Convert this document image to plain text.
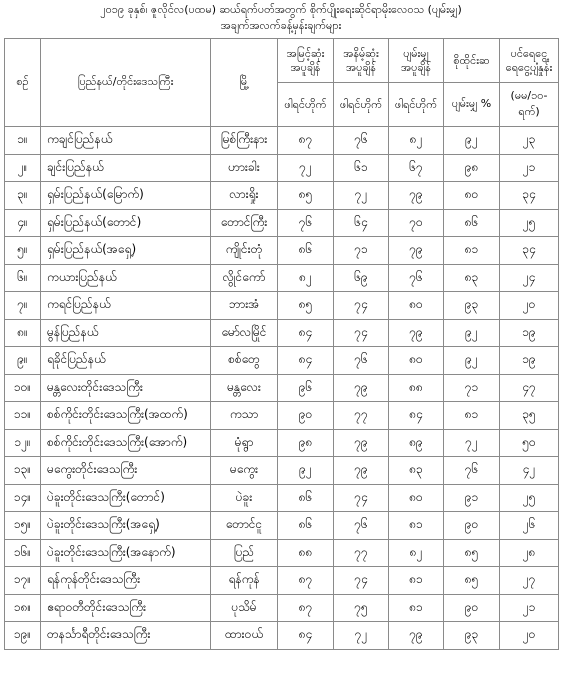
၂၀၁၉ ခုနှစ်၊ ဇူလိုင်လ(ပထမ) ဆယ်ရက်ပတ်အတွက် စိုက်ပျိုးရေးဆိုင်ရာမိုးလေဝသ (ပျမ်းမျှ)
အချက်အလက်ခန့်မှန်းချက်များ
စဉ်	ပြည်နယ်/တိုင်းဒေသကြီး	မြို့	အမြင့်ဆုံးအပူချိန်	အနိမ့်ဆုံးအပူချိန်	ပျမ်းမျှအပူချိန်	စိုထိုင်းဆ	ပင်ရေငွေ့ရေငွေ့ပျံနှုန်း
			ဖါရင်ဟိုက်	ဖါရင်ဟိုက်	ဖါရင်ဟိုက်	ပျမ်းမျှ %	(မမ/၁၀-ရက်)
၁။	ကချင်ပြည်နယ်	မြစ်ကြီးနား	၈၇	၇၆	၈၂	၉၂	၂၃
၂။	ချင်းပြည်နယ်	ဟားခါး	၇၂	၆၁	၆၇	၉၈	၂၁
၃။	ရှမ်းပြည်နယ်(မြောက်)	လားရှိုး	၈၅	၇၂	၇၉	၈၀	၃၄
၄။	ရှမ်းပြည်နယ်(တောင်)	တောင်ကြီး	၇၆	၆၄	၇၀	၈၆	၂၅
၅။	ရှမ်းပြည်နယ်(အရှေ့)	ကျိုင်းတုံ	၈၆	၇၁	၇၉	၈၁	၃၄
၆။	ကယားပြည်နယ်	လွိုင်ကော်	၈၂	၆၉	၇၆	၈၃	၂၄
၇။	ကရင်ပြည်နယ်	ဘားအံ	၈၅	၇၄	၈၀	၉၃	၂၀
၈။	မွန်ပြည်နယ်	မော်လမြိုင်	၈၄	၇၄	၇၉	၉၂	၁၉
၉။	ရခိုင်ပြည်နယ်	စစ်တွေ	၈၄	၇၆	၈၀	၉၂	၁၉
၁၀။	မန္တလေးတိုင်းဒေသကြီး	မန္တလေး	၉၆	၇၉	၈၈	၇၁	၄၇
၁၁။	စစ်ကိုင်းတိုင်းဒေသကြီး(အထက်)	ကသာ	၉၀	၇၇	၈၄	၈၁	၃၅
၁၂။	စစ်ကိုင်းတိုင်းဒေသကြီး(အောက်)	မုံရွာ	၉၈	၇၉	၈၉	၇၂	၅၀
၁၃။	မကွေးတိုင်းဒေသကြီး	မကွေး	၉၂	၇၉	၈၃	၇၆	၄၂
၁၄။	ပဲခူးတိုင်းဒေသကြီး(တောင်)	ပဲခူး	၈၆	၇၄	၈၀	၉၁	၂၅
၁၅။	ပဲခူးတိုင်းဒေသကြီး(အရှေ့)	တောင်ငူ	၈၆	၇၆	၈၁	၉၀	၂၆
၁၆။	ပဲခူးတိုင်းဒေသကြီး(အနောက်)	ပြည်	၈၈	၇၇	၈၂	၈၅	၂၈
၁၇။	ရန်ကုန်တိုင်းဒေသကြီး	ရန်ကုန်	၈၇	၇၄	၈၁	၈၅	၂၇
၁၈။	ဧရာဝတီတိုင်းဒေသကြီး	ပုသိမ်	၈၇	၇၅	၈၁	၉၀	၂၁
၁၉။	တနင်္သာရီတိုင်းဒေသကြီး	ထားဝယ်	၈၄	၇၂	၇၉	၉၃	၂၀
